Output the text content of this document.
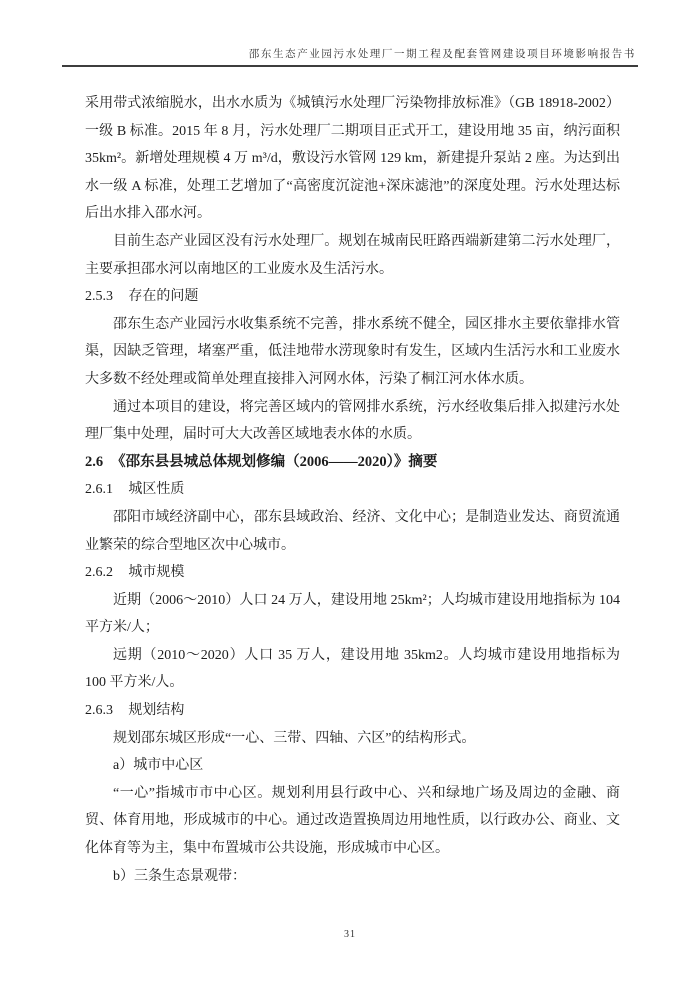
邵东生态产业园污水处理厂一期工程及配套管网建设项目环境影响报告书

采用带式浓缩脱水，出水水质为《城镇污水处理厂污染物排放标准》（GB 18918-2002）一级 B 标准。2015 年 8 月，污水处理厂二期项目正式开工，建设用地 35 亩，纳污面积 35km²。新增处理规模 4 万 m³/d，敷设污水管网 129 km，新建提升泵站 2 座。为达到出水一级 A 标准，处理工艺增加了“高密度沉淀池+深床滤池”的深度处理。污水处理达标后出水排入邵水河。

目前生态产业园区没有污水处理厂。规划在城南民旺路西端新建第二污水处理厂，主要承担邵水河以南地区的工业废水及生活污水。

2.5.3 存在的问题

邵东生态产业园污水收集系统不完善，排水系统不健全，园区排水主要依靠排水管渠，因缺乏管理，堵塞严重，低洼地带水涝现象时有发生，区域内生活污水和工业废水大多数不经处理或简单处理直接排入河网水体，污染了桐江河水体水质。

通过本项目的建设，将完善区域内的管网排水系统，污水经收集后排入拟建污水处理厂集中处理，届时可大大改善区域地表水体的水质。

2.6 《邵东县县城总体规划修编（2006——2020）》摘要
2.6.1 城区性质

邵阳市域经济副中心，邵东县域政治、经济、文化中心；是制造业发达、商贸流通业繁荣的综合型地区次中心城市。

2.6.2 城市规模

近期（2006～2010）人口 24 万人，建设用地 25km²；人均城市建设用地指标为 104 平方米/人；

远期（2010～2020）人口 35 万人，建设用地 35km2。人均城市建设用地指标为 100 平方米/人。

2.6.3 规划结构

规划邵东城区形成“一心、三带、四轴、六区”的结构形式。

a）城市中心区

“一心”指城市市中心区。规划利用县行政中心、兴和绿地广场及周边的金融、商贸、体育用地，形成城市的中心。通过改造置换周边用地性质，以行政办公、商业、文化体育等为主，集中布置城市公共设施，形成城市中心区。

b）三条生态景观带：

31
